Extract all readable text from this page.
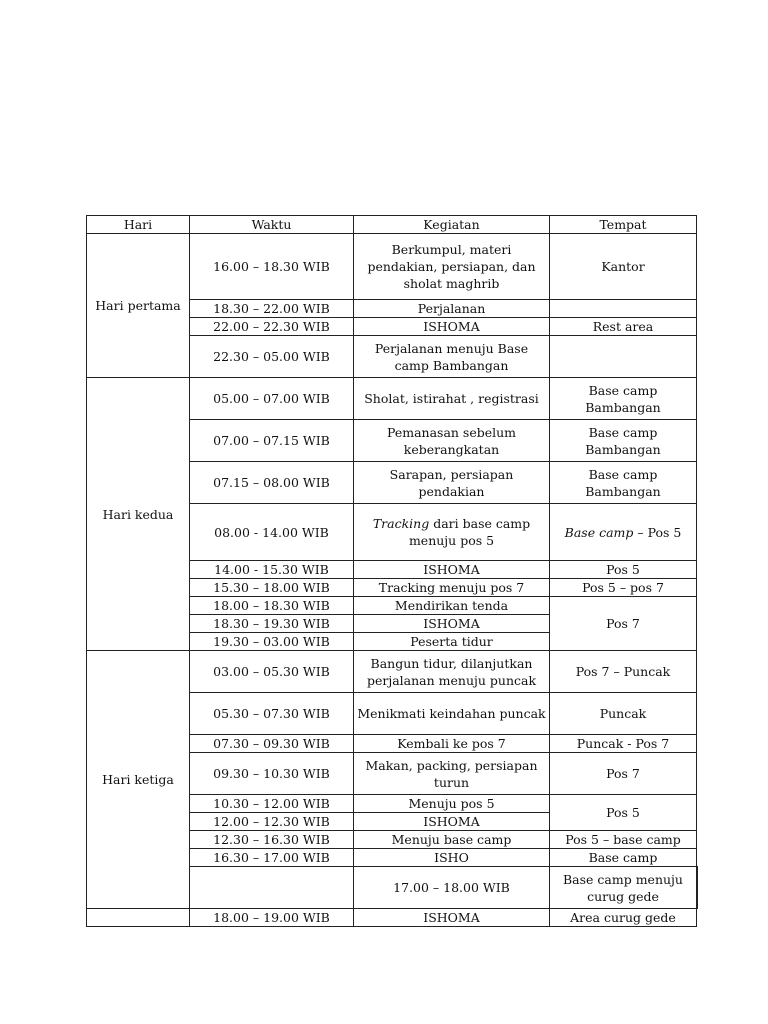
Hari	Waktu	Kegiatan	Tempat	
Hari pertama	16.00 – 18.30 WIB	Berkumpul, materi pendakian, persiapan, dan sholat maghrib	Kantor	
	18.30 – 22.00 WIB	Perjalanan		
	22.00 – 22.30 WIB	ISHOMA	Rest area	
	22.30 – 05.00 WIB	Perjalanan menuju Base camp Bambangan		
Hari kedua	05.00 – 07.00 WIB	Sholat, istirahat , registrasi	Base camp Bambangan	
	07.00 – 07.15 WIB	Pemanasan sebelum keberangkatan	Base camp Bambangan	
	07.15 – 08.00 WIB	Sarapan, persiapan pendakian	Base camp Bambangan	
	08.00 - 14.00 WIB	Tracking dari base camp menuju pos 5	Base camp – Pos 5	
	14.00 - 15.30 WIB	ISHOMA	Pos 5	
	15.30 – 18.00 WIB	Tracking menuju pos 7	Pos 5 – pos 7	
	18.00 – 18.30 WIB	Mendirikan tenda	Pos 7	
	18.30 – 19.30 WIB	ISHOMA		
	19.30 – 03.00 WIB	Peserta tidur		
Hari ketiga	03.00 – 05.30 WIB	Bangun tidur, dilanjutkan perjalanan menuju puncak	Pos 7 – Puncak	
	05.30 – 07.30 WIB	Menikmati keindahan puncak	Puncak	
	07.30 – 09.30 WIB	Kembali ke pos 7	Puncak - Pos 7	
	09.30 – 10.30 WIB	Makan, packing, persiapan turun	Pos 7	
	10.30 – 12.00 WIB	Menuju pos 5	Pos 5	
	12.00 – 12.30 WIB	ISHOMA		
	12.30 – 16.30 WIB	Menuju base camp	Pos 5 – base camp	
	16.30 – 17.00 WIB	ISHO	Base camp	
		17.00 – 18.00 WIB	Base camp menuju curug gede	
	18.00 – 19.00 WIB	ISHOMA	Area curug gede	
